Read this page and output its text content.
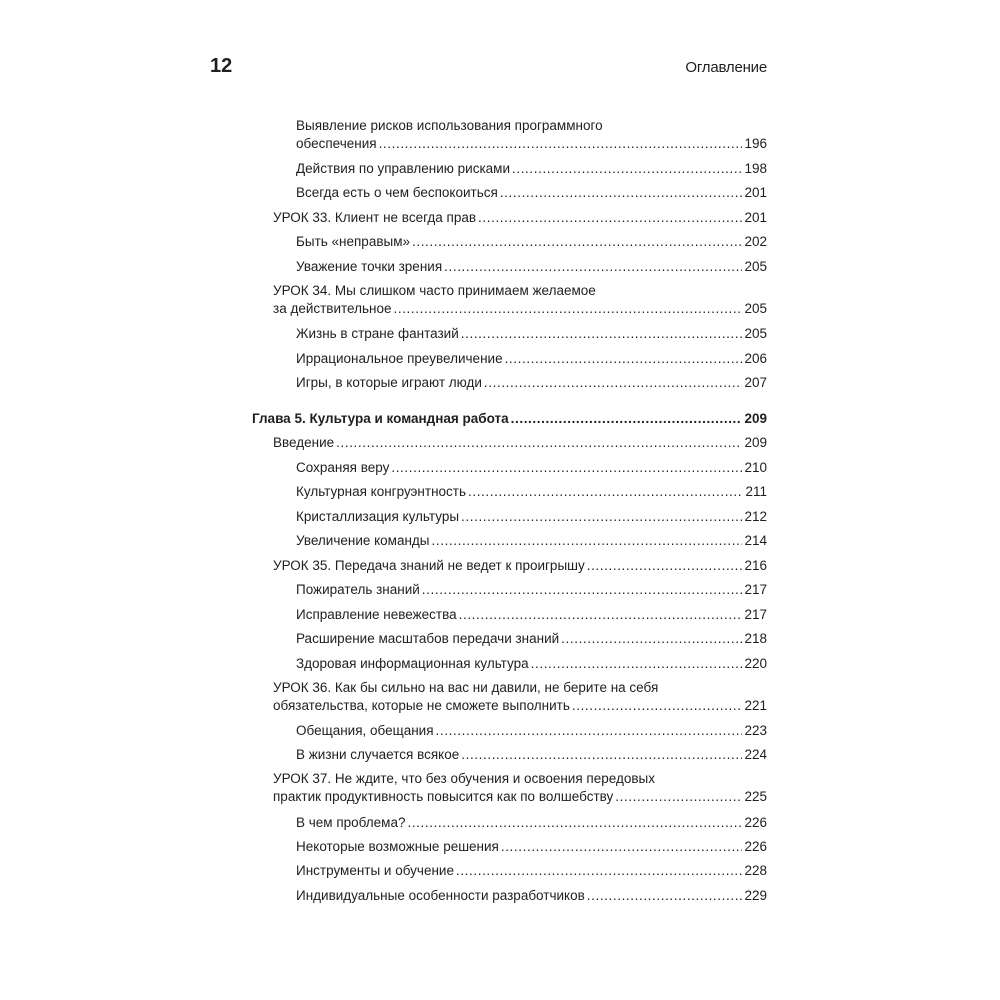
12	Оглавление
Выявление рисков использования программного
обеспечения .....	196
Действия по управлению рисками .....	198
Всегда есть о чем беспокоиться .....	201
УРОК 33. Клиент не всегда прав .....	201
Быть «неправым» .....	202
Уважение точки зрения .....	205
УРОК 34. Мы слишком часто принимаем желаемое
за действительное .....	205
Жизнь в стране фантазий .....	205
Иррациональное преувеличение .....	206
Игры, в которые играют люди .....	207
Глава 5. Культура и командная работа .....	209
Введение .....	209
Сохраняя веру .....	210
Культурная конгруэнтность .....	211
Кристаллизация культуры .....	212
Увеличение команды .....	214
УРОК 35. Передача знаний не ведет к проигрышу .....	216
Пожиратель знаний .....	217
Исправление невежества .....	217
Расширение масштабов передачи знаний .....	218
Здоровая информационная культура .....	220
УРОК 36. Как бы сильно на вас ни давили, не берите на себя
обязательства, которые не сможете выполнить .....	221
Обещания, обещания .....	223
В жизни случается всякое .....	224
УРОК 37. Не ждите, что без обучения и освоения передовых
практик продуктивность повысится как по волшебству .....	225
В чем проблема? .....	226
Некоторые возможные решения .....	226
Инструменты и обучение .....	228
Индивидуальные особенности разработчиков .....	229
